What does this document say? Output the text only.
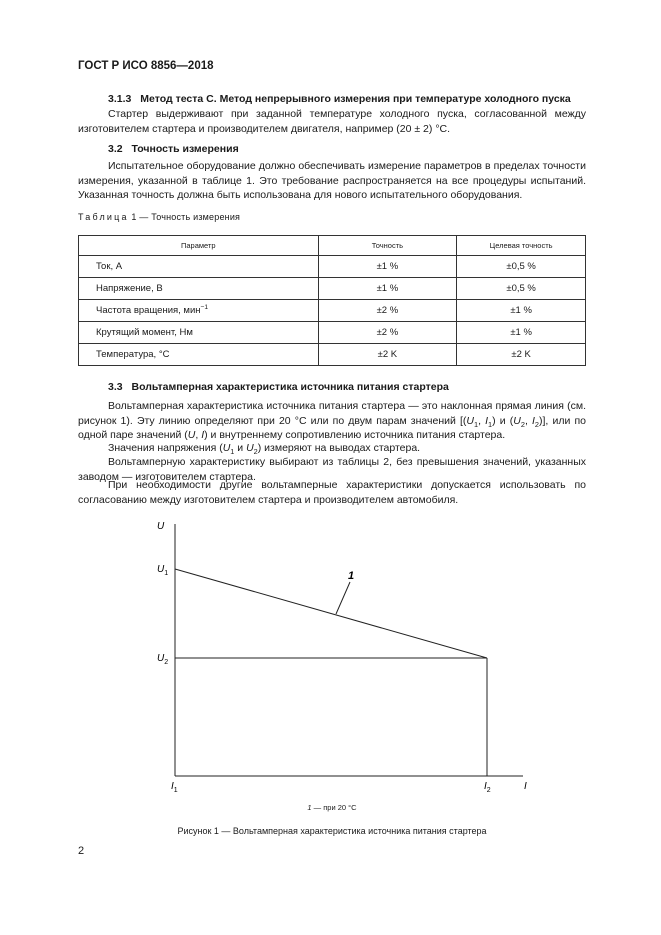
ГОСТ Р ИСО 8856—2018
3.1.3 Метод теста С. Метод непрерывного измерения при температуре холодного пуска

Стартер выдерживают при заданной температуре холодного пуска, согласованной между изготовителем стартера и производителем двигателя, например (20 ± 2) °С.

3.2 Точность измерения

Испытательное оборудование должно обеспечивать измерение параметров в пределах точности измерения, указанной в таблице 1. Это требование распространяется на все процедуры испытаний. Указанная точность должна быть использована для нового испытательного оборудования.

Таблица 1 — Точность измерения
Параметр	Точность	Целевая точность
Ток, А	±1 %	±0,5 %
Напряжение, В	±1 %	±0,5 %
Частота вращения, мин$^{-1}$	±2 %	±1 %
Крутящий момент, Нм	±2 %	±1 %
Температура, °С	±2 K	±2 K
3.3 Вольтамперная характеристика источника питания стартера

Вольтамперная характеристика источника питания стартера — это наклонная прямая линия (см. рисунок 1). Эту линию определяют при 20 °С или по двум парам значений [($U_1$, $I_1$) и ($U_2$, $I_2$)], или по одной паре значений (U, I) и внутреннему сопротивлению источника питания стартера.

Значения напряжения ($U_1$ и $U_2$) измеряют на выводах стартера.

Вольтамперную характеристику выбирают из таблицы 2, без превышения значений, указанных заводом — изготовителем стартера.

При необходимости другие вольтамперные характеристики допускается использовать по согласованию между изготовителем стартера и производителем автомобиля.

U
$U_1$
$U_2$
$I_1$	$I_2$	I
1
1 — при 20 °С
Рисунок 1 — Вольтамперная характеристика источника питания стартера
2
